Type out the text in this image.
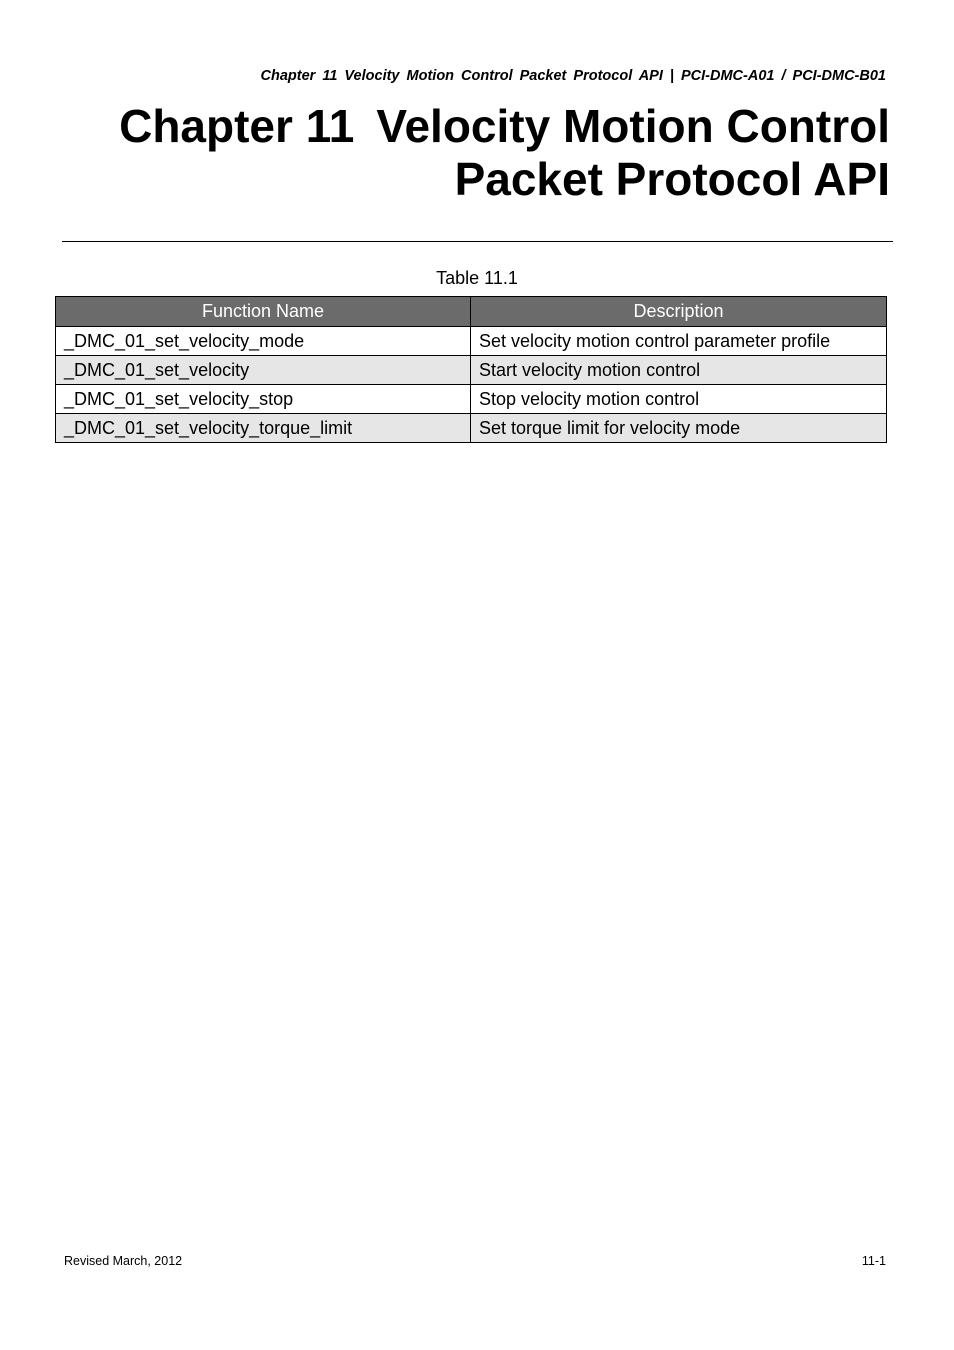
Chapter 11 Velocity Motion Control Packet Protocol API | PCI-DMC-A01 / PCI-DMC-B01
Chapter 11 Velocity Motion Control
Packet Protocol API
Table 11.1
Function Name	Description
_DMC_01_set_velocity_mode	Set velocity motion control parameter profile
_DMC_01_set_velocity	Start velocity motion control
_DMC_01_set_velocity_stop	Stop velocity motion control
_DMC_01_set_velocity_torque_limit	Set torque limit for velocity mode
Revised March, 2012	11-1
